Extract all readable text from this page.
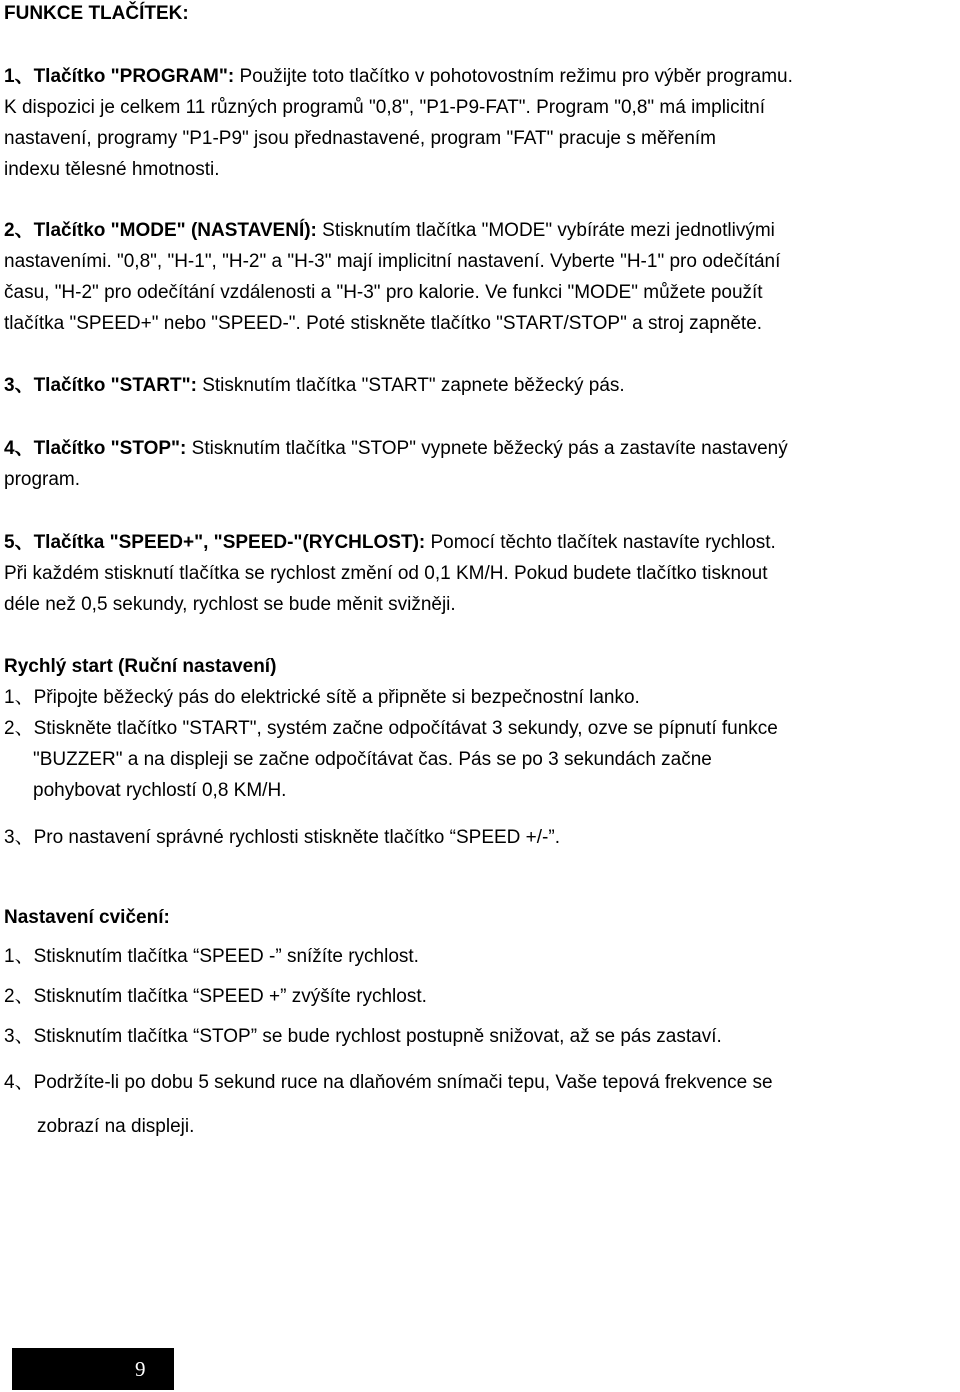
FUNKCE TLAČÍTEK:
1、Tlačítko "PROGRAM": Použijte toto tlačítko v pohotovostním režimu pro výběr programu.
K dispozici je celkem 11 různých programů "0,8", "P1-P9-FAT". Program "0,8" má implicitní
nastavení, programy "P1-P9" jsou přednastavené, program "FAT" pracuje s měřením
indexu tělesné hmotnosti.
2、Tlačítko "MODE" (NASTAVENÍ): Stisknutím tlačítka "MODE" vybíráte mezi jednotlivými
nastaveními. "0,8", "H-1", "H-2" a "H-3" mají implicitní nastavení. Vyberte "H-1" pro odečítání
času, "H-2" pro odečítání vzdálenosti a "H-3" pro kalorie. Ve funkci "MODE" můžete použít
tlačítka "SPEED+" nebo "SPEED-". Poté stiskněte tlačítko "START/STOP" a stroj zapněte.
3、Tlačítko "START": Stisknutím tlačítka "START" zapnete běžecký pás.
4、Tlačítko "STOP": Stisknutím tlačítka "STOP" vypnete běžecký pás a zastavíte nastavený
program.
5、Tlačítka "SPEED+", "SPEED-"(RYCHLOST): Pomocí těchto tlačítek nastavíte rychlost.
Při každém stisknutí tlačítka se rychlost změní od 0,1 KM/H. Pokud budete tlačítko tisknout
déle než 0,5 sekundy, rychlost se bude měnit svižněji.
Rychlý start (Ruční nastavení)
1、Připojte běžecký pás do elektrické sítě a připněte si bezpečnostní lanko.
2、Stiskněte tlačítko "START", systém začne odpočítávat 3 sekundy, ozve se pípnutí funkce
"BUZZER" a na displeji se začne odpočítávat čas. Pás se po 3 sekundách začne
pohybovat rychlostí 0,8 KM/H.
3、Pro nastavení správné rychlosti stiskněte tlačítko “SPEED +/-”.
Nastavení cvičení:
1、Stisknutím tlačítka “SPEED -” snížíte rychlost.
2、Stisknutím tlačítka “SPEED +” zvýšíte rychlost.
3、Stisknutím tlačítka “STOP” se bude rychlost postupně snižovat, až se pás zastaví.
4、Podržíte-li po dobu 5 sekund ruce na dlaňovém snímači tepu, Vaše tepová frekvence se
zobrazí na displeji.
9
